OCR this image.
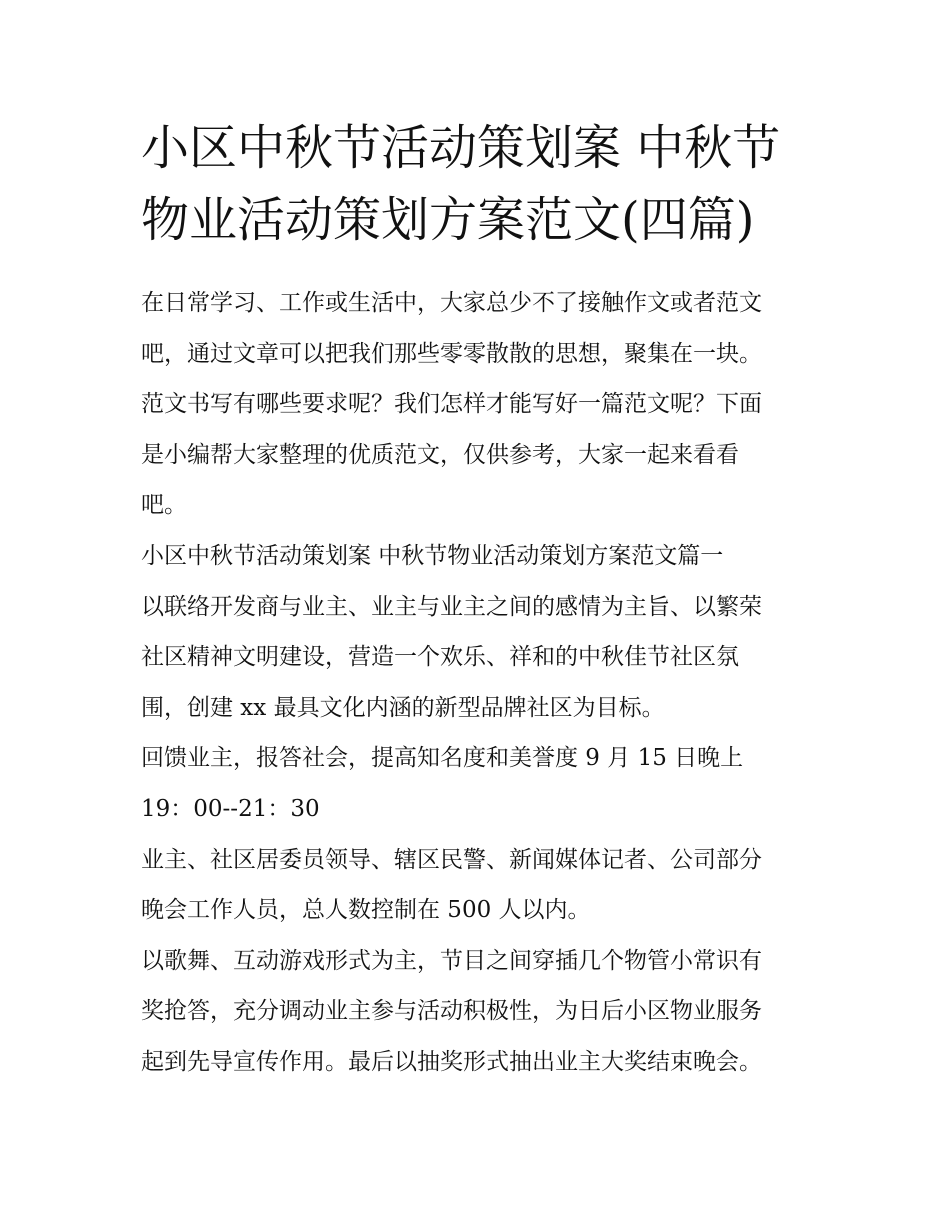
小区中秋节活动策划案 中秋节
物业活动策划方案范文(四篇)
在日常学习、工作或生活中，大家总少不了接触作文或者范文
吧，通过文章可以把我们那些零零散散的思想，聚集在一块。
范文书写有哪些要求呢？我们怎样才能写好一篇范文呢？下面
是小编帮大家整理的优质范文，仅供参考，大家一起来看看
吧。
小区中秋节活动策划案 中秋节物业活动策划方案范文篇一
以联络开发商与业主、业主与业主之间的感情为主旨、以繁荣
社区精神文明建设，营造一个欢乐、祥和的中秋佳节社区氛
围，创建 xx 最具文化内涵的新型品牌社区为目标。
回馈业主，报答社会，提高知名度和美誉度 9 月 15 日晚上
19：00--21：30
业主、社区居委员领导、辖区民警、新闻媒体记者、公司部分
晚会工作人员，总人数控制在 500 人以内。
以歌舞、互动游戏形式为主，节目之间穿插几个物管小常识有
奖抢答，充分调动业主参与活动积极性，为日后小区物业服务
起到先导宣传作用。最后以抽奖形式抽出业主大奖结束晚会。
